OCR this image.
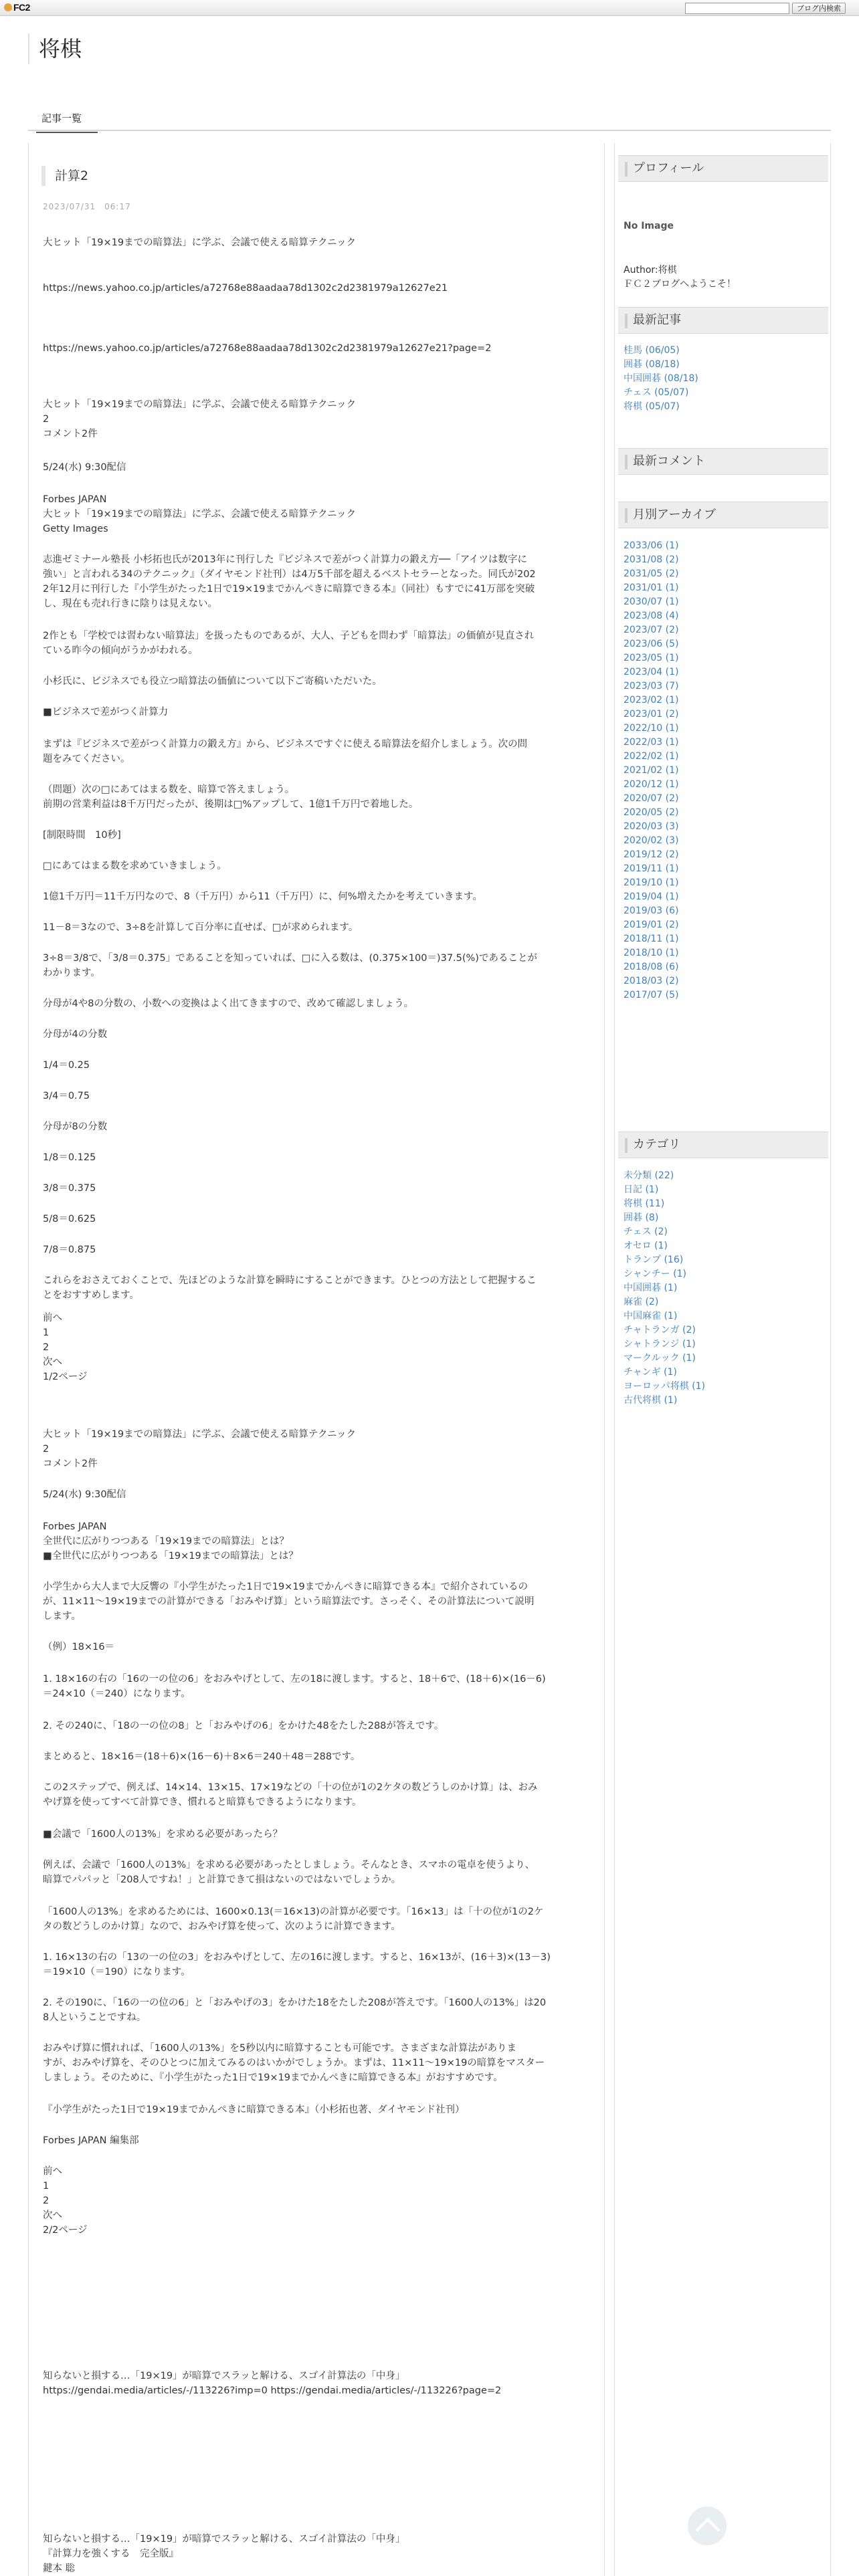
FC2	ブログ内検索
将棋
記事一覧
計算2
2023/07/31　06:17

大ヒット「19×19までの暗算法」に学ぶ、会議で使える暗算テクニック

https://news.yahoo.co.jp/articles/a72768e88aadaa78d1302c2d2381979a12627e21

https://news.yahoo.co.jp/articles/a72768e88aadaa78d1302c2d2381979a12627e21?page=2

大ヒット「19×19までの暗算法」に学ぶ、会議で使える暗算テクニック

2

コメント2件

5/24(水) 9:30配信

Forbes JAPAN

大ヒット「19×19までの暗算法」に学ぶ、会議で使える暗算テクニック

Getty Images

志進ゼミナール塾長 小杉拓也氏が2013年に刊行した『ビジネスで差がつく計算力の鍛え方──「アイツは数字に

強い」と言われる34のテクニック』（ダイヤモンド社刊）は4万5千部を超えるベストセラーとなった。同氏が202

2年12月に刊行した『小学生がたった1日で19×19までかんぺきに暗算できる本』（同社）もすでに41万部を突破

し、現在も売れ行きに陰りは見えない。

2作とも「学校では習わない暗算法」を扱ったものであるが、大人、子どもを問わず「暗算法」の価値が見直され

ている昨今の傾向がうかがわれる。

小杉氏に、ビジネスでも役立つ暗算法の価値について以下ご寄稿いただいた。

■ビジネスで差がつく計算力

まずは『ビジネスで差がつく計算力の鍛え方』から、ビジネスですぐに使える暗算法を紹介しましょう。次の問

題をみてください。

（問題）次の□にあてはまる数を、暗算で答えましょう。

前期の営業利益は8千万円だったが、後期は□%アップして、1億1千万円で着地した。

[制限時間　10秒]

□にあてはまる数を求めていきましょう。

1億1千万円＝11千万円なので、8（千万円）から11（千万円）に、何%増えたかを考えていきます。

11－8＝3なので、3÷8を計算して百分率に直せば、□が求められます。

3÷8＝3/8で、「3/8＝0.375」であることを知っていれば、□に入る数は、(0.375×100＝)37.5(%)であることが

わかります。

分母が4や8の分数の、小数への変換はよく出てきますので、改めて確認しましょう。

分母が4の分数

1/4＝0.25

3/4＝0.75

分母が8の分数

1/8＝0.125

3/8＝0.375

5/8＝0.625

7/8＝0.875

これらをおさえておくことで、先ほどのような計算を瞬時にすることができます。ひとつの方法として把握するこ

とをおすすめします。

前へ

1

2

次へ

1/2ページ

大ヒット「19×19までの暗算法」に学ぶ、会議で使える暗算テクニック

2

コメント2件

5/24(水) 9:30配信

Forbes JAPAN

全世代に広がりつつある「19×19までの暗算法」とは？

■全世代に広がりつつある「19×19までの暗算法」とは？

小学生から大人まで大反響の『小学生がたった1日で19×19までかんぺきに暗算できる本』で紹介されているの

が、11×11～19×19までの計算ができる「おみやげ算」という暗算法です。さっそく、その計算法について説明

します。

（例）18×16＝

1. 18×16の右の「16の一の位の6」をおみやげとして、左の18に渡します。すると、18＋6で、(18＋6)×(16－6)

＝24×10（＝240）になります。

2. その240に、「18の一の位の8」と「おみやげの6」をかけた48をたした288が答えです。

まとめると、18×16＝(18＋6)×(16－6)＋8×6＝240＋48＝288です。

この2ステップで、例えば、14×14、13×15、17×19などの「十の位が1の2ケタの数どうしのかけ算」は、おみ

やげ算を使ってすべて計算でき、慣れると暗算もできるようになります。

■会議で「1600人の13%」を求める必要があったら？

例えば、会議で「1600人の13%」を求める必要があったとしましょう。そんなとき、スマホの電卓を使うより、

暗算でパパッと「208人ですね！」と計算できて損はないのではないでしょうか。

「1600人の13%」を求めるためには、1600×0.13(＝16×13)の計算が必要です。「16×13」は「十の位が1の2ケ

タの数どうしのかけ算」なので、おみやげ算を使って、次のように計算できます。

1. 16×13の右の「13の一の位の3」をおみやげとして、左の16に渡します。すると、16×13が、(16＋3)×(13－3)

＝19×10（＝190）になります。

2. その190に、「16の一の位の6」と「おみやげの3」をかけた18をたした208が答えです。「1600人の13%」は20

8人ということですね。

おみやげ算に慣れれば、「1600人の13%」を5秒以内に暗算することも可能です。さまざまな計算法がありま

すが、おみやげ算を、そのひとつに加えてみるのはいかがでしょうか。まずは、11×11～19×19の暗算をマスター

しましょう。そのために、『小学生がたった1日で19×19までかんぺきに暗算できる本』がおすすめです。

『小学生がたった1日で19×19までかんぺきに暗算できる本』（小杉拓也著、ダイヤモンド社刊）

Forbes JAPAN 編集部

前へ

1

2

次へ

2/2ページ

知らないと損する…「19×19」が暗算でスラッと解ける、スゴイ計算法の「中身」

https://gendai.media/articles/-/113226?imp=0 https://gendai.media/articles/-/113226?page=2

知らないと損する…「19×19」が暗算でスラッと解ける、スゴイ計算法の「中身」

『計算力を強くする　完全版』

鍵本 聡

プロフィール
No Image
Author:将棋
ＦＣ２ブログへようこそ！
最新記事
桂馬 (06/05)
囲碁 (08/18)
中国囲碁 (08/18)
チェス (05/07)
将棋 (05/07)
最新コメント
月別アーカイブ
2033/06 (1)
2031/08 (2)
2031/05 (2)
2031/01 (1)
2030/07 (1)
2023/08 (4)
2023/07 (2)
2023/06 (5)
2023/05 (1)
2023/04 (1)
2023/03 (7)
2023/02 (1)
2023/01 (2)
2022/10 (1)
2022/03 (1)
2022/02 (1)
2021/02 (1)
2020/12 (1)
2020/07 (2)
2020/05 (2)
2020/03 (3)
2020/02 (3)
2019/12 (2)
2019/11 (1)
2019/10 (1)
2019/04 (1)
2019/03 (6)
2019/01 (2)
2018/11 (1)
2018/10 (1)
2018/08 (6)
2018/03 (2)
2017/07 (5)
カテゴリ
未分類 (22)
日記 (1)
将棋 (11)
囲碁 (8)
チェス (2)
オセロ (1)
トランプ (16)
シャンチー (1)
中国囲碁 (1)
麻雀 (2)
中国麻雀 (1)
チャトランガ (2)
シャトランジ (1)
マークルック (1)
チャンギ (1)
ヨーロッパ将棋 (1)
古代将棋 (1)
